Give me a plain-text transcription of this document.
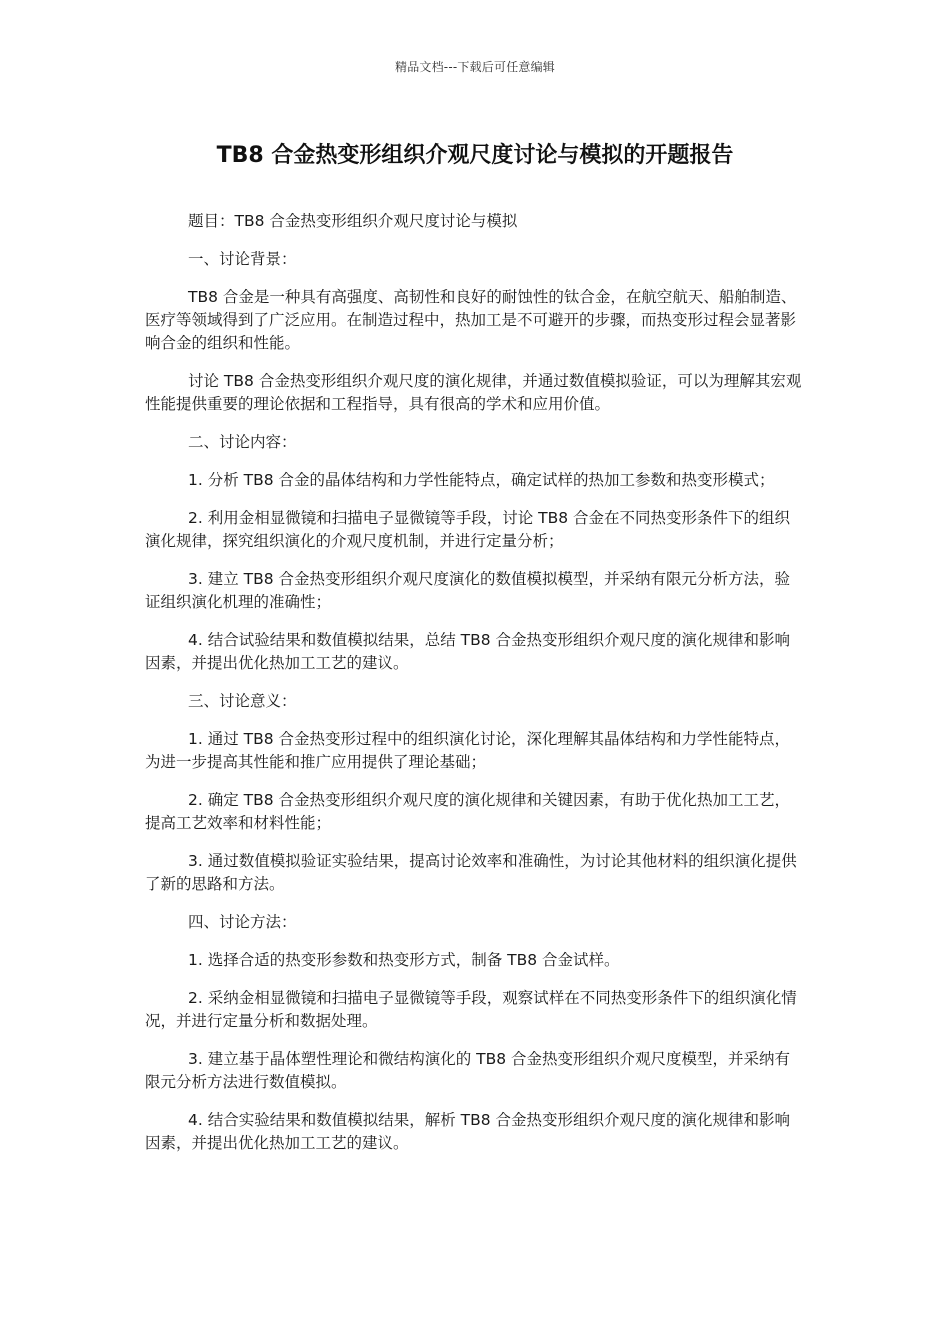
精品文档---下载后可任意编辑
TB8 合金热变形组织介观尺度讨论与模拟的开题报告

题目：TB8 合金热变形组织介观尺度讨论与模拟

一、讨论背景：

TB8 合金是一种具有高强度、高韧性和良好的耐蚀性的钛合金，在航空航天、船舶制造、医疗等领域得到了广泛应用。在制造过程中，热加工是不可避开的步骤，而热变形过程会显著影响合金的组织和性能。

讨论 TB8 合金热变形组织介观尺度的演化规律，并通过数值模拟验证，可以为理解其宏观性能提供重要的理论依据和工程指导，具有很高的学术和应用价值。

二、讨论内容：

1. 分析 TB8 合金的晶体结构和力学性能特点，确定试样的热加工参数和热变形模式；

2. 利用金相显微镜和扫描电子显微镜等手段，讨论 TB8 合金在不同热变形条件下的组织演化规律，探究组织演化的介观尺度机制，并进行定量分析；

3. 建立 TB8 合金热变形组织介观尺度演化的数值模拟模型，并采纳有限元分析方法，验证组织演化机理的准确性；

4. 结合试验结果和数值模拟结果，总结 TB8 合金热变形组织介观尺度的演化规律和影响因素，并提出优化热加工工艺的建议。

三、讨论意义：

1. 通过 TB8 合金热变形过程中的组织演化讨论，深化理解其晶体结构和力学性能特点，为进一步提高其性能和推广应用提供了理论基础；

2. 确定 TB8 合金热变形组织介观尺度的演化规律和关键因素，有助于优化热加工工艺，提高工艺效率和材料性能；

3. 通过数值模拟验证实验结果，提高讨论效率和准确性，为讨论其他材料的组织演化提供了新的思路和方法。

四、讨论方法：

1. 选择合适的热变形参数和热变形方式，制备 TB8 合金试样。

2. 采纳金相显微镜和扫描电子显微镜等手段，观察试样在不同热变形条件下的组织演化情况，并进行定量分析和数据处理。

3. 建立基于晶体塑性理论和微结构演化的 TB8 合金热变形组织介观尺度模型，并采纳有限元分析方法进行数值模拟。

4. 结合实验结果和数值模拟结果，解析 TB8 合金热变形组织介观尺度的演化规律和影响因素，并提出优化热加工工艺的建议。
